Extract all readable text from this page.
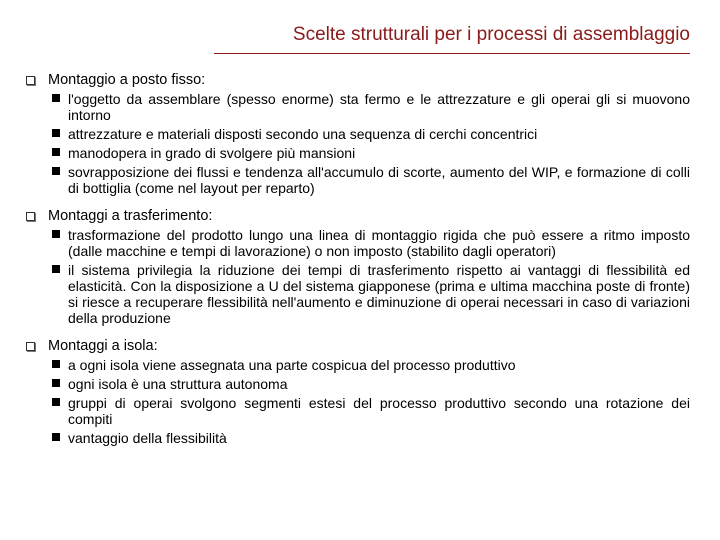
Scelte strutturali per i processi di assemblaggio
Montaggio a posto fisso:
l'oggetto da assemblare (spesso enorme) sta fermo e le attrezzature e gli operai gli si muovono intorno
attrezzature e materiali disposti secondo una sequenza di cerchi concentrici
manodopera in grado di svolgere più mansioni
sovrapposizione dei flussi e tendenza all'accumulo di scorte, aumento del WIP, e formazione di colli di bottiglia (come nel layout per reparto)
Montaggi a trasferimento:
trasformazione del prodotto lungo una linea di montaggio rigida che può essere a ritmo imposto (dalle macchine e tempi di lavorazione) o non imposto (stabilito dagli operatori)
il sistema privilegia la riduzione dei tempi di trasferimento rispetto ai vantaggi di flessibilità ed elasticità. Con la disposizione a U del sistema giapponese (prima e ultima macchina poste di fronte) si riesce a recuperare flessibilità nell'aumento e diminuzione di operai necessari in caso di variazioni della produzione
Montaggi a isola:
a ogni isola viene assegnata una parte cospicua del processo produttivo
ogni isola è una struttura autonoma
gruppi di operai svolgono segmenti estesi del processo produttivo secondo una rotazione dei compiti
vantaggio della flessibilità
